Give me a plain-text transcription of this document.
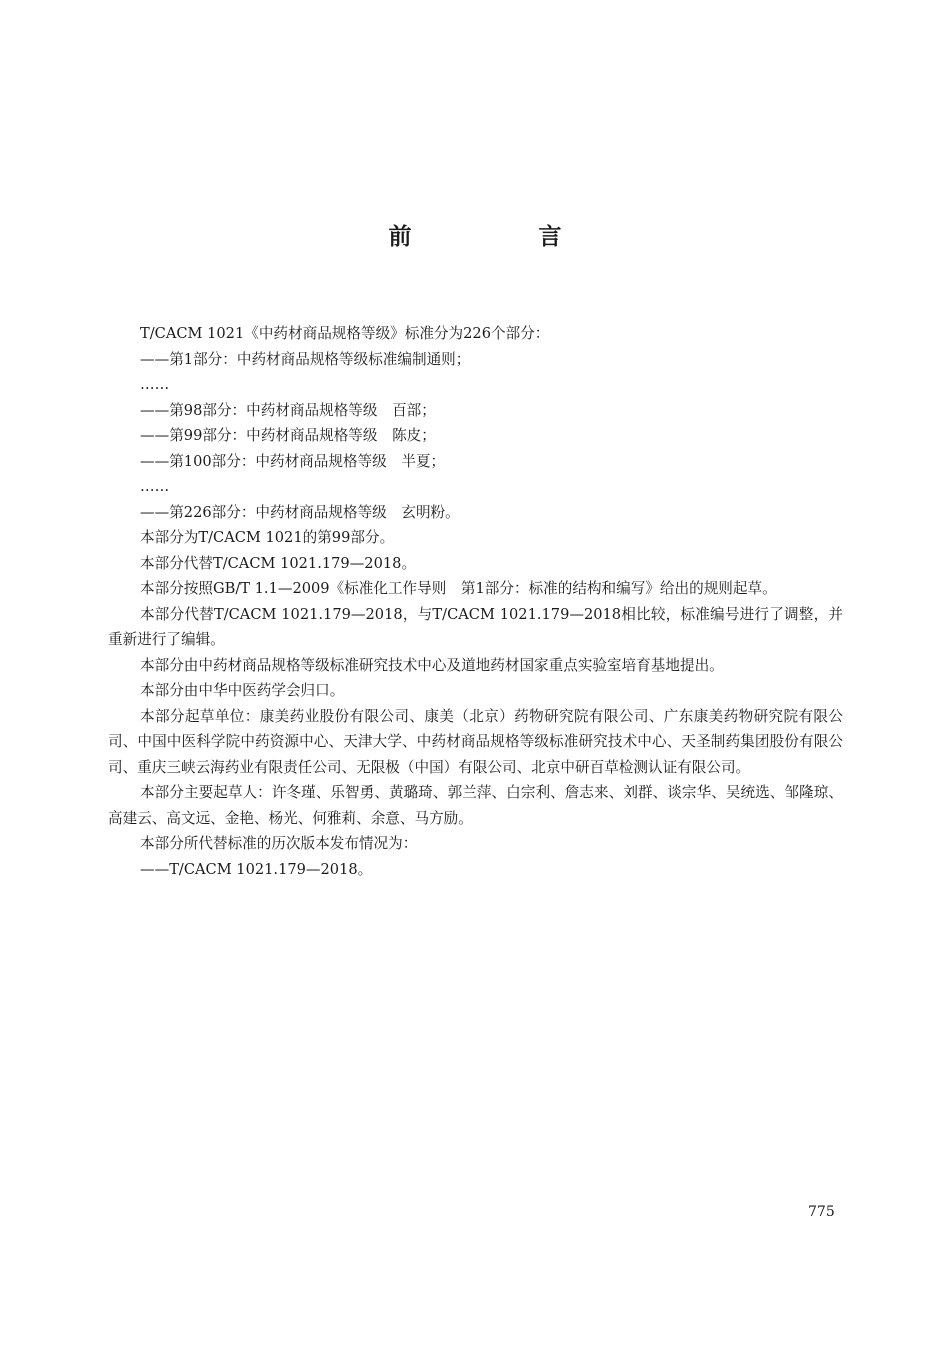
前　言

T/CACM 1021《中药材商品规格等级》标准分为226个部分：

——第1部分：中药材商品规格等级标准编制通则；

……

——第98部分：中药材商品规格等级　百部；

——第99部分：中药材商品规格等级　陈皮；

——第100部分：中药材商品规格等级　半夏；

……

——第226部分：中药材商品规格等级　玄明粉。

本部分为T/CACM 1021的第99部分。

本部分代替T/CACM 1021.179—2018。

本部分按照GB/T 1.1—2009《标准化工作导则　第1部分：标准的结构和编写》给出的规则起草。

本部分代替T/CACM 1021.179—2018，与T/CACM 1021.179—2018相比较，标准编号进行了调整，并重新进行了编辑。

本部分由中药材商品规格等级标准研究技术中心及道地药材国家重点实验室培育基地提出。

本部分由中华中医药学会归口。

本部分起草单位：康美药业股份有限公司、康美（北京）药物研究院有限公司、广东康美药物研究院有限公司、中国中医科学院中药资源中心、天津大学、中药材商品规格等级标准研究技术中心、天圣制药集团股份有限公司、重庆三峡云海药业有限责任公司、无限极（中国）有限公司、北京中研百草检测认证有限公司。

本部分主要起草人：许冬瑾、乐智勇、黄璐琦、郭兰萍、白宗利、詹志来、刘群、谈宗华、吴统选、邹隆琼、高建云、高文远、金艳、杨光、何雅莉、余意、马方励。

本部分所代替标准的历次版本发布情况为：

——T/CACM 1021.179—2018。

775
